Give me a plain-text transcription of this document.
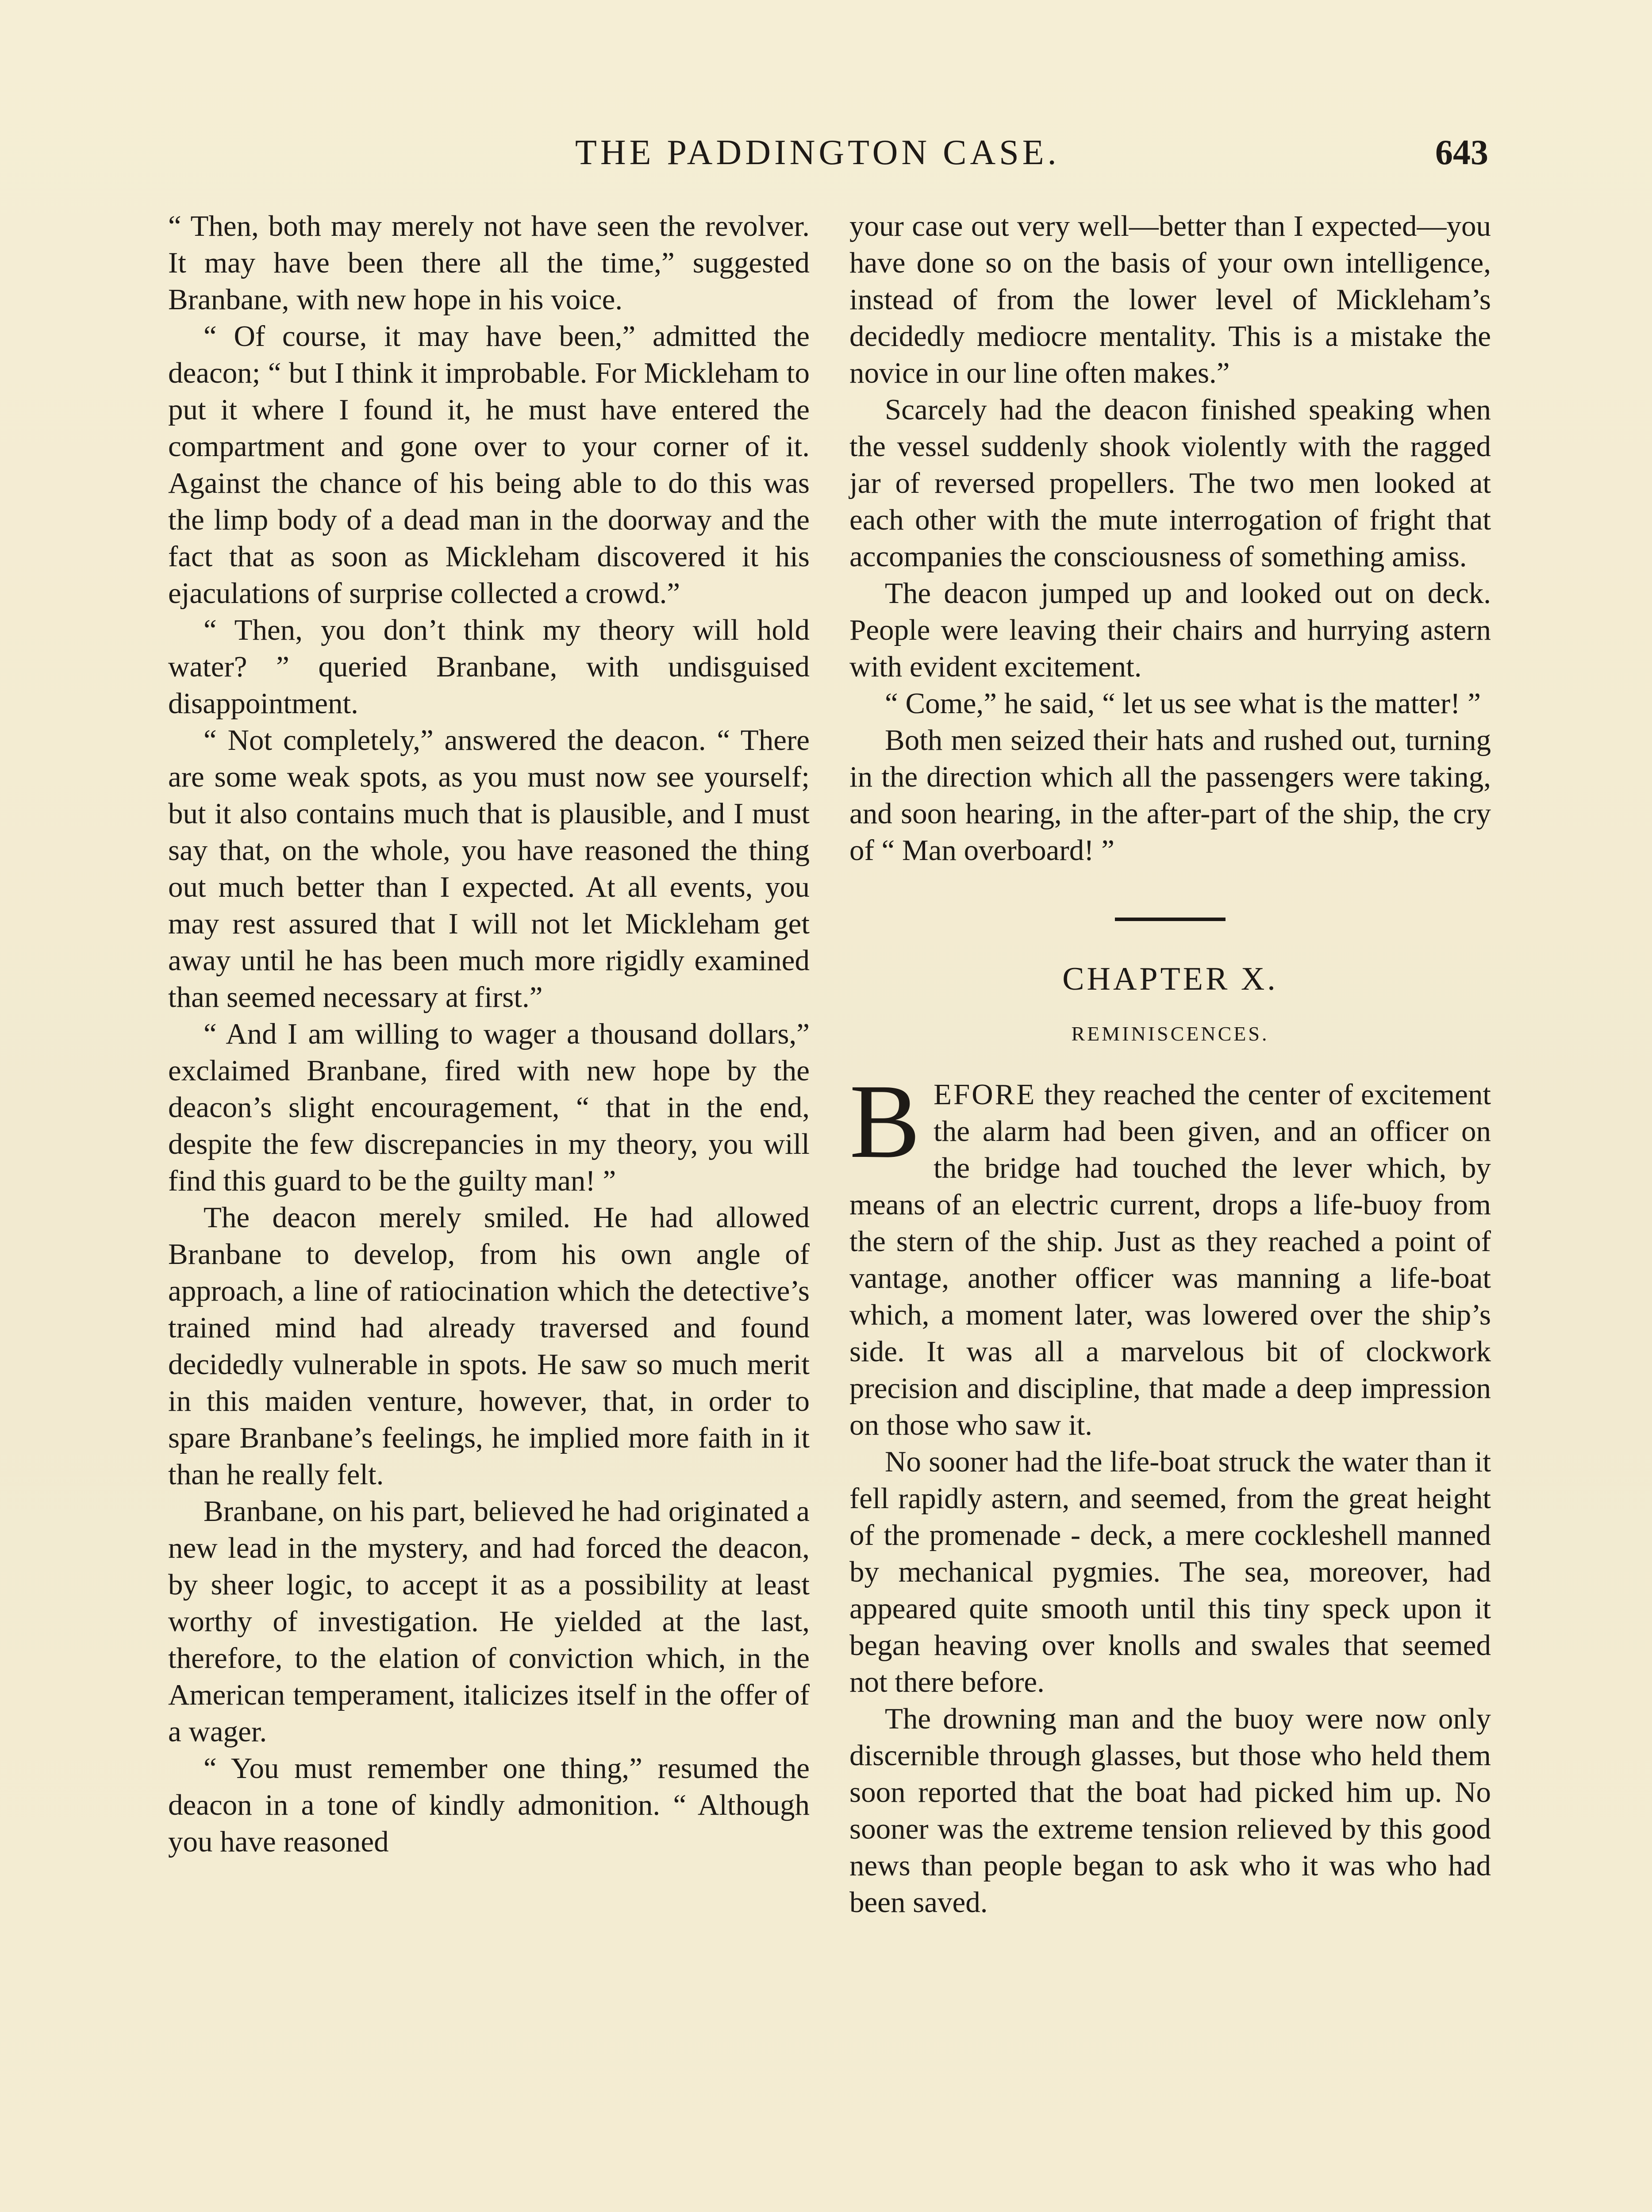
THE PADDINGTON CASE.	643

“ Then, both may merely not have seen the revolver. It may have been there all the time,” suggested Branbane, with new hope in his voice.

“ Of course, it may have been,” admitted the deacon; “ but I think it improbable. For Mickleham to put it where I found it, he must have entered the compartment and gone over to your corner of it. Against the chance of his being able to do this was the limp body of a dead man in the doorway and the fact that as soon as Mickleham discovered it his ejaculations of surprise collected a crowd.”

“ Then, you don’t think my theory will hold water? ” queried Branbane, with undisguised disappointment.

“ Not completely,” answered the deacon. “ There are some weak spots, as you must now see yourself; but it also contains much that is plausible, and I must say that, on the whole, you have reasoned the thing out much better than I expected. At all events, you may rest assured that I will not let Mickleham get away until he has been much more rigidly examined than seemed necessary at first.”

“ And I am willing to wager a thousand dollars,” exclaimed Branbane, fired with new hope by the deacon’s slight encouragement, “ that in the end, despite the few discrepancies in my theory, you will find this guard to be the guilty man! ”

The deacon merely smiled. He had allowed Branbane to develop, from his own angle of approach, a line of ratiocination which the detective’s trained mind had already traversed and found decidedly vulnerable in spots. He saw so much merit in this maiden venture, however, that, in order to spare Branbane’s feelings, he implied more faith in it than he really felt.

Branbane, on his part, believed he had originated a new lead in the mystery, and had forced the deacon, by sheer logic, to accept it as a possibility at least worthy of investigation. He yielded at the last, therefore, to the elation of conviction which, in the American temperament, italicizes itself in the offer of a wager.

“ You must remember one thing,” resumed the deacon in a tone of kindly admonition. “ Although you have reasoned

your case out very well—better than I expected—you have done so on the basis of your own intelligence, instead of from the lower level of Mickleham’s decidedly mediocre mentality. This is a mistake the novice in our line often makes.”

Scarcely had the deacon finished speaking when the vessel suddenly shook violently with the ragged jar of reversed propellers. The two men looked at each other with the mute interrogation of fright that accompanies the consciousness of something amiss.

The deacon jumped up and looked out on deck. People were leaving their chairs and hurrying astern with evident excitement.

“ Come,” he said, “ let us see what is the matter! ”

Both men seized their hats and rushed out, turning in the direction which all the passengers were taking, and soon hearing, in the after-part of the ship, the cry of “ Man overboard! ”

CHAPTER X.
REMINISCENCES.

BEFORE they reached the center of excitement the alarm had been given, and an officer on the bridge had touched the lever which, by means of an electric current, drops a life-buoy from the stern of the ship. Just as they reached a point of vantage, another officer was manning a life-boat which, a moment later, was lowered over the ship’s side. It was all a marvelous bit of clockwork precision and discipline, that made a deep impression on those who saw it.

No sooner had the life-boat struck the water than it fell rapidly astern, and seemed, from the great height of the promenade - deck, a mere cockleshell manned by mechanical pygmies. The sea, moreover, had appeared quite smooth until this tiny speck upon it began heaving over knolls and swales that seemed not there before.

The drowning man and the buoy were now only discernible through glasses, but those who held them soon reported that the boat had picked him up. No sooner was the extreme tension relieved by this good news than people began to ask who it was who had been saved.
